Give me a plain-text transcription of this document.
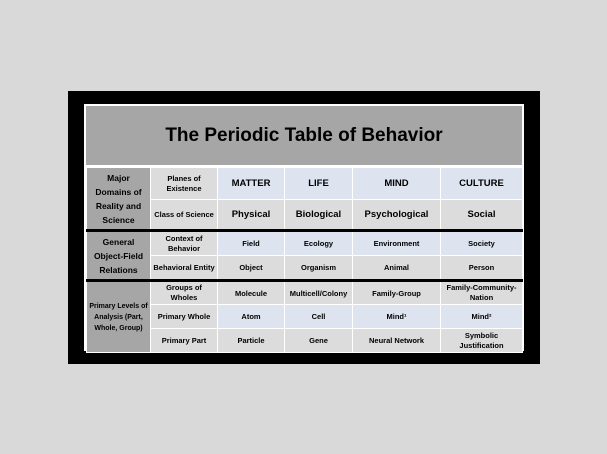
The Periodic Table of Behavior
Major Domains of Reality and Science	Planes of Existence	MATTER	LIFE	MIND	CULTURE
	Class of Science	Physical	Biological	Psychological	Social
General Object-Field Relations	Context of Behavior	Field	Ecology	Environment	Society
	Behavioral Entity	Object	Organism	Animal	Person
Primary Levels of Analysis (Part, Whole, Group)	Groups of Wholes	Molecule	Multicell/Colony	Family-Group	Family-Community-Nation
	Primary Whole	Atom	Cell	Mind¹	Mind²
	Primary Part	Particle	Gene	Neural Network	Symbolic Justification
